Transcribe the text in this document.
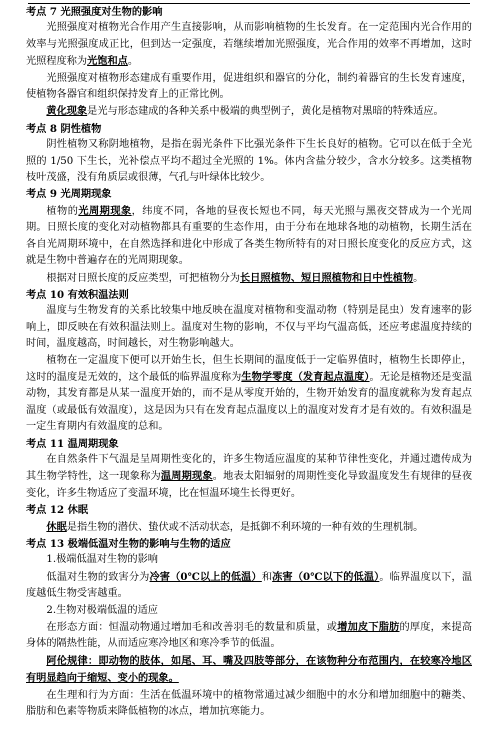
考点 7 光照强度对生物的影响
光照强度对植物光合作用产生直接影响，从而影响植物的生长发育。在一定范围内光合作用的效率与光照强度成正比，但到达一定强度，若继续增加光照强度，光合作用的效率不再增加，这时光照程度称为光饱和点。
光照强度对植物形态建成有重要作用，促进组织和器官的分化，制约着器官的生长发育速度，使植物各器官和组织保持发育上的正常比例。
黄化现象是光与形态建成的各种关系中极端的典型例子，黄化是植物对黑暗的特殊适应。
考点 8 阴性植物
阴性植物又称阴地植物，是指在弱光条件下比强光条件下生长良好的植物。它可以在低于全光照的 1/50 下生长，光补偿点平均不超过全光照的 1%。体内含盐分较少，含水分较多。这类植物枝叶茂盛，没有角质层或很薄，气孔与叶绿体比较少。
考点 9 光周期现象
植物的光周期现象，纬度不同，各地的昼夜长短也不同，每天光照与黑夜交替成为一个光周期。日照长度的变化对动植物都具有重要的生态作用，由于分布在地球各地的动植物，长期生活在各自光周期环境中，在自然选择和进化中形成了各类生物所特有的对日照长度变化的反应方式，这就是生物中普遍存在的光周期现象。
根据对日照长度的反应类型，可把植物分为长日照植物、短日照植物和日中性植物。
考点 10 有效积温法则
温度与生物发育的关系比较集中地反映在温度对植物和变温动物（特别是昆虫）发育速率的影响上，即反映在有效积温法则上。温度对生物的影响，不仅与平均气温高低，还应考虑温度持续的时间，温度越高，时间越长，对生物影响越大。
植物在一定温度下便可以开始生长，但生长期间的温度低于一定临界值时，植物生长即停止，这时的温度是无效的，这个最低的临界温度称为生物学零度（发育起点温度）。无论是植物还是变温动物，其发育都是从某一温度开始的，而不是从零度开始的，生物开始发育的温度就称为发育起点温度（或最低有效温度），这是因为只有在发育起点温度以上的温度对发育才是有效的。有效积温是一定生育期内有效温度的总和。
考点 11 温周期现象
在自然条件下气温是呈周期性变化的，许多生物适应温度的某种节律性变化，并通过遗传成为其生物学特性，这一现象称为温周期现象。地表太阳辐射的周期性变化导致温度发生有规律的昼夜变化，许多生物适应了变温环境，比在恒温环境生长得更好。
考点 12 休眠
休眠是指生物的潜伏、蛰伏或不活动状态，是抵御不利环境的一种有效的生理机制。
考点 13 极端低温对生物的影响与生物的适应
1.极端低温对生物的影响
低温对生物的致害分为冷害（0℃以上的低温）和冻害（0℃以下的低温）。临界温度以下，温度越低生物受害越重。
2.生物对极端低温的适应
在形态方面：恒温动物通过增加毛和改善羽毛的数量和质量，或增加皮下脂肪的厚度，来提高身体的隔热性能，从而适应寒冷地区和寒冷季节的低温。
阿伦规律：即动物的肢体，如尾、耳、嘴及四肢等部分，在该物种分布范围内，在较寒冷地区有明显趋向于缩短、变小的现象。
在生理和行为方面：生活在低温环境中的植物常通过减少细胞中的水分和增加细胞中的糖类、脂肪和色素等物质来降低植物的冰点，增加抗寒能力。
